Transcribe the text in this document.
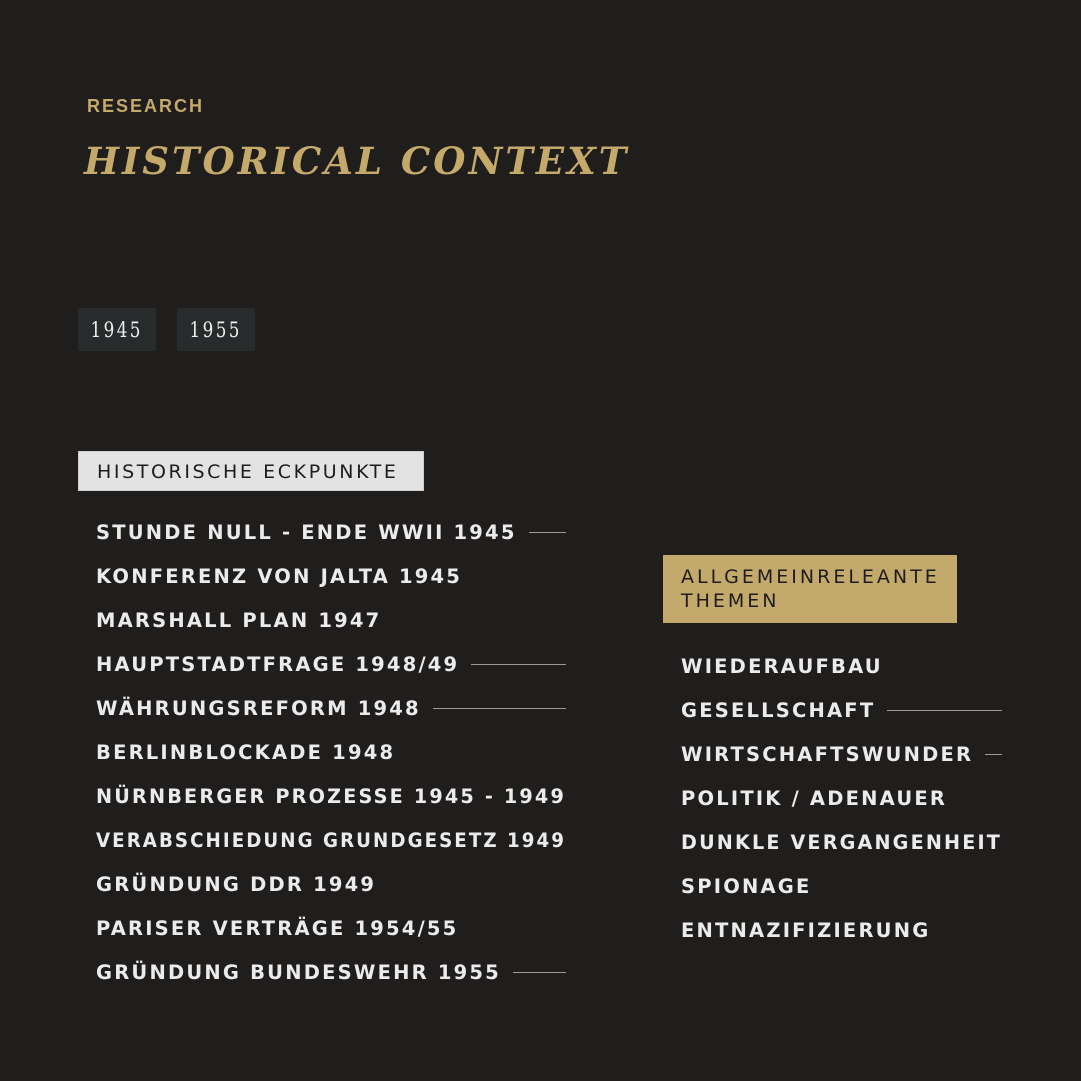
RESEARCH
HISTORICAL CONTEXT
1945 1955
HISTORISCHE ECKPUNKTE
STUNDE NULL - ENDE WWII 1945
KONFERENZ VON JALTA 1945
MARSHALL PLAN 1947
HAUPTSTADTFRAGE 1948/49
WÄHRUNGSREFORM 1948
BERLINBLOCKADE 1948
NÜRNBERGER PROZESSE 1945 - 1949
VERABSCHIEDUNG GRUNDGESETZ 1949
GRÜNDUNG DDR 1949
PARISER VERTRÄGE 1954/55
GRÜNDUNG BUNDESWEHR 1955
ALLGEMEINRELEANTE THEMEN
WIEDERAUFBAU
GESELLSCHAFT
WIRTSCHAFTSWUNDER
POLITIK / ADENAUER
DUNKLE VERGANGENHEIT
SPIONAGE
ENTNAZIFIZIERUNG
